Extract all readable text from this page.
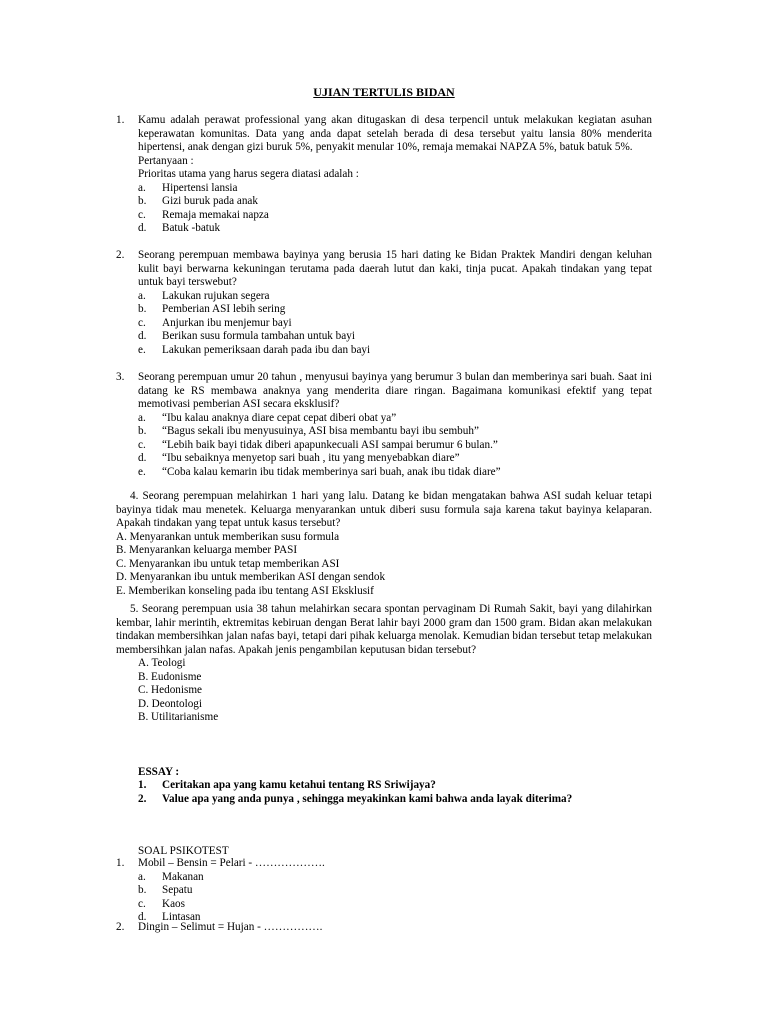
UJIAN TERTULIS BIDAN
1. Kamu adalah perawat professional yang akan ditugaskan di desa terpencil untuk melakukan kegiatan asuhan keperawatan komunitas. Data yang anda dapat setelah berada di desa tersebut yaitu lansia 80% menderita hipertensi, anak dengan gizi buruk 5%, penyakit menular 10%, remaja memakai NAPZA 5%, batuk batuk 5%.

Pertanyaan :

Prioritas utama yang harus segera diatasi adalah :

a. Hipertensi lansia
b. Gizi buruk pada anak
c. Remaja memakai napza
d. Batuk -batuk
2. Seorang perempuan membawa bayinya yang berusia 15 hari dating ke Bidan Praktek Mandiri dengan keluhan kulit bayi berwarna kekuningan terutama pada daerah lutut dan kaki, tinja pucat. Apakah tindakan yang tepat untuk bayi terswebut?

a. Lakukan rujukan segera
b. Pemberian ASI lebih sering
c. Anjurkan ibu menjemur bayi
d. Berikan susu formula tambahan untuk bayi
e. Lakukan pemeriksaan darah pada ibu dan bayi
3. Seorang perempuan umur 20 tahun , menyusui bayinya yang berumur 3 bulan dan memberinya sari buah. Saat ini datang ke RS membawa anaknya yang menderita diare ringan. Bagaimana komunikasi efektif yang tepat memotivasi pemberian ASI secara eksklusif?

a. “Ibu kalau anaknya diare cepat cepat diberi obat ya”
b. “Bagus sekali ibu menyusuinya, ASI bisa membantu bayi ibu sembuh”
c. “Lebih baik bayi tidak diberi apapunkecuali ASI sampai berumur 6 bulan.”
d. “Ibu sebaiknya menyetop sari buah , itu yang menyebabkan diare”
e. “Coba kalau kemarin ibu tidak memberinya sari buah, anak ibu tidak diare”

4. Seorang perempuan melahirkan 1 hari yang lalu. Datang ke bidan mengatakan bahwa ASI sudah keluar tetapi bayinya tidak mau menetek. Keluarga menyarankan untuk diberi susu formula saja karena takut bayinya kelaparan. Apakah tindakan yang tepat untuk kasus tersebut?

A. Menyarankan untuk memberikan susu formula
B. Menyarankan keluarga member PASI
C. Menyarankan ibu untuk tetap memberikan ASI
D. Menyarankan ibu untuk memberikan ASI dengan sendok
E. Memberikan konseling pada ibu tentang ASI Eksklusif

5. Seorang perempuan usia 38 tahun melahirkan secara spontan pervaginam Di Rumah Sakit, bayi yang dilahirkan kembar, lahir merintih, ektremitas kebiruan dengan Berat lahir bayi 2000 gram dan 1500 gram. Bidan akan melakukan tindakan membersihkan jalan nafas bayi, tetapi dari pihak keluarga menolak. Kemudian bidan tersebut tetap melakukan membersihkan jalan nafas. Apakah jenis pengambilan keputusan bidan tersebut?

A. Teologi
B. Eudonisme
C. Hedonisme
D. Deontologi
B. Utilitarianisme
ESSAY :
1. Ceritakan apa yang kamu ketahui tentang RS Sriwijaya?
2. Value apa yang anda punya , sehingga meyakinkan kami bahwa anda layak diterima?
SOAL PSIKOTEST
1. Mobil – Bensin = Pelari - ……………….

a. Makanan
b. Sepatu
c. Kaos
d. Lintasan
2. Dingin – Selimut = Hujan - …………….
